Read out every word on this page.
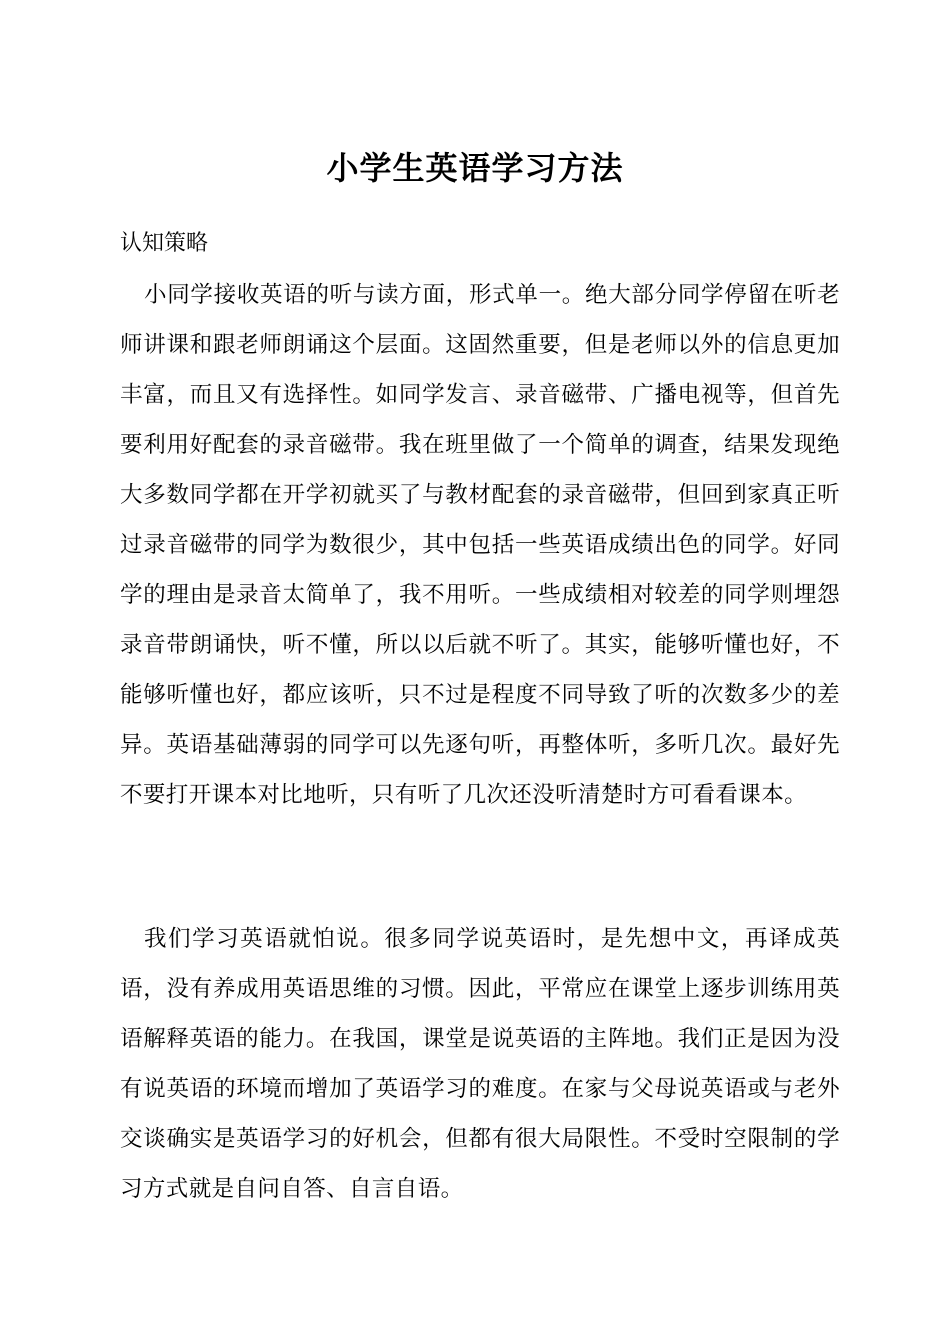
小学生英语学习方法
认知策略

小同学接收英语的听与读方面，形式单一。绝大部分同学停留在听老师讲课和跟老师朗诵这个层面。这固然重要，但是老师以外的信息更加丰富，而且又有选择性。如同学发言、录音磁带、广播电视等，但首先要利用好配套的录音磁带。我在班里做了一个简单的调查，结果发现绝大多数同学都在开学初就买了与教材配套的录音磁带，但回到家真正听过录音磁带的同学为数很少，其中包括一些英语成绩出色的同学。好同学的理由是录音太简单了，我不用听。一些成绩相对较差的同学则埋怨录音带朗诵快，听不懂，所以以后就不听了。其实，能够听懂也好，不能够听懂也好，都应该听，只不过是程度不同导致了听的次数多少的差异。英语基础薄弱的同学可以先逐句听，再整体听，多听几次。最好先不要打开课本对比地听，只有听了几次还没听清楚时方可看看课本。

我们学习英语就怕说。很多同学说英语时，是先想中文，再译成英语，没有养成用英语思维的习惯。因此，平常应在课堂上逐步训练用英语解释英语的能力。在我国，课堂是说英语的主阵地。我们正是因为没有说英语的环境而增加了英语学习的难度。在家与父母说英语或与老外交谈确实是英语学习的好机会，但都有很大局限性。不受时空限制的学习方式就是自问自答、自言自语。
